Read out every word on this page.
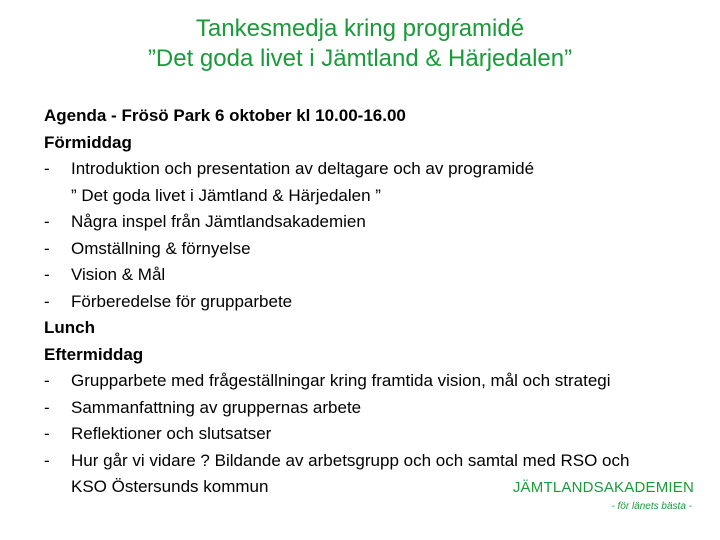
Tankesmedja kring programidé
”Det goda livet i Jämtland & Härjedalen”
Agenda - Frösö Park 6 oktober kl 10.00-16.00
Förmiddag
-	Introduktion och presentation av deltagare och av programidé
” Det goda livet i Jämtland & Härjedalen ”
-	Några inspel från Jämtlandsakademien
-	Omställning & förnyelse
-	Vision & Mål
-	Förberedelse för grupparbete
Lunch
Eftermiddag
-	Grupparbete med frågeställningar kring framtida vision, mål och strategi
-	Sammanfattning av gruppernas arbete
-	Reflektioner och slutsatser
-	Hur går vi vidare ? Bildande av arbetsgrupp och och samtal med RSO och
KSO Östersunds kommun	JÄMTLANDSAKADEMIEN
- för länets bästa -
